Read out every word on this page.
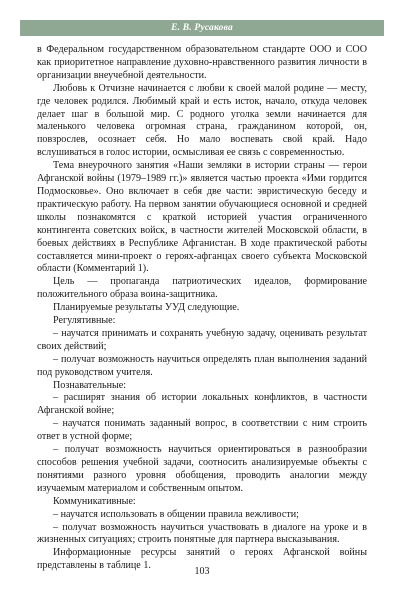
Е. В. Русакова

в Федеральном государственном образовательном стандарте ООО и СОО как приоритетное направление духовно-нравственного развития личности в организации внеучебной деятельности.

Любовь к Отчизне начинается с любви к своей малой родине — месту, где человек родился. Любимый край и есть исток, начало, откуда человек делает шаг в большой мир. С родного уголка земли начинается для маленького человека огромная страна, гражданином которой, он, повзрослев, осознает себя. Но мало воспевать свой край. Надо вслушиваться в голос истории, осмысливая ее связь с современностью.

Тема внеурочного занятия «Наши земляки в истории страны — герои Афганской войны (1979–1989 гг.)» является частью проекта «Ими гордится Подмосковье». Оно включает в себя две части: эвристическую беседу и практическую работу. На первом занятии обучающиеся основной и средней школы познакомятся с краткой историей участия ограниченного контингента советских войск, в частности жителей Московской области, в боевых действиях в Республике Афганистан. В ходе практической работы составляется мини-проект о героях-афганцах своего субъекта Московской области (Комментарий 1).

Цель — пропаганда патриотических идеалов, формирование положительного образа воина-защитника.

Планируемые результаты УУД следующие.

Регулятивные:

– научатся принимать и сохранять учебную задачу, оценивать результат своих действий;

– получат возможность научиться определять план выполнения заданий под руководством учителя.

Познавательные:

– расширят знания об истории локальных конфликтов, в частности Афганской войне;

– научатся понимать заданный вопрос, в соответствии с ним строить ответ в устной форме;

– получат возможность научиться ориентироваться в разнообразии способов решения учебной задачи, соотносить анализируемые объекты с понятиями разного уровня обобщения, проводить аналогии между изучаемым материалом и собственным опытом.

Коммуникативные:

– научатся использовать в общении правила вежливости;

– получат возможность научиться участвовать в диалоге на уроке и в жизненных ситуациях; строить понятные для партнера высказывания.

Информационные ресурсы занятий о героях Афганской войны представлены в таблице 1.

103
